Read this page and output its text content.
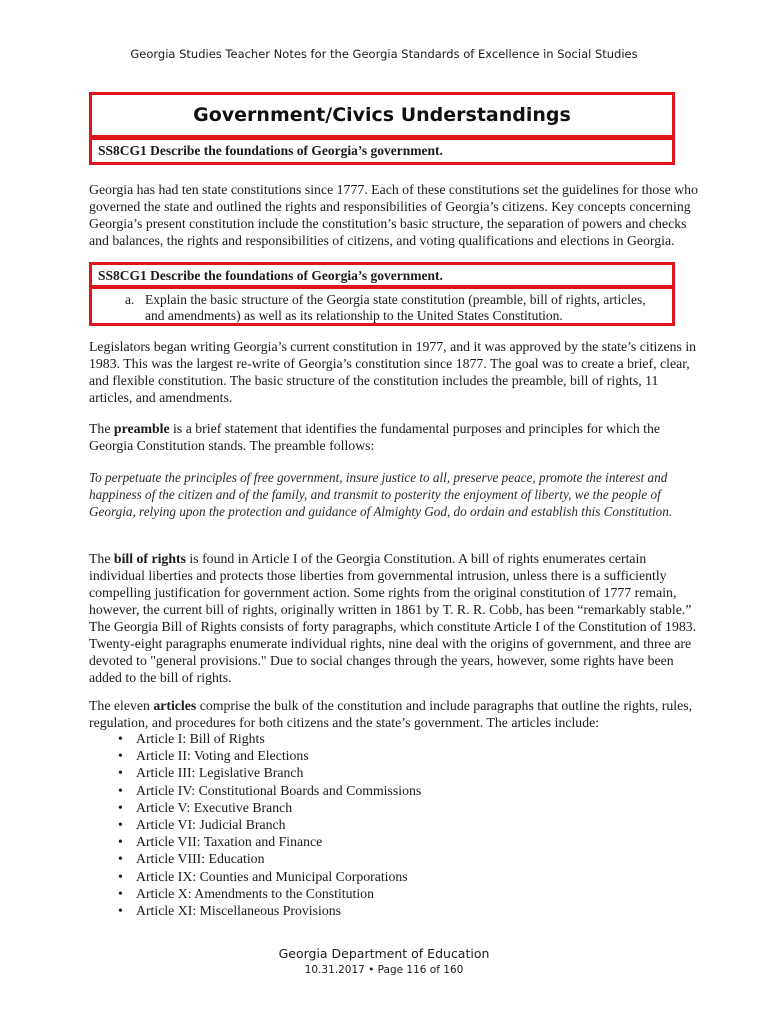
Georgia Studies Teacher Notes for the Georgia Standards of Excellence in Social Studies
Government/Civics Understandings
SS8CG1 Describe the foundations of Georgia’s government.

Georgia has had ten state constitutions since 1777. Each of these constitutions set the guidelines for those who governed the state and outlined the rights and responsibilities of Georgia’s citizens. Key concepts concerning Georgia’s present constitution include the constitution’s basic structure, the separation of powers and checks and balances, the rights and responsibilities of citizens, and voting qualifications and elections in Georgia.

SS8CG1 Describe the foundations of Georgia’s government.
a. Explain the basic structure of the Georgia state constitution (preamble, bill of rights, articles, and amendments) as well as its relationship to the United States Constitution.

Legislators began writing Georgia’s current constitution in 1977, and it was approved by the state’s citizens in 1983. This was the largest re-write of Georgia’s constitution since 1877. The goal was to create a brief, clear, and flexible constitution. The basic structure of the constitution includes the preamble, bill of rights, 11 articles, and amendments.

The preamble is a brief statement that identifies the fundamental purposes and principles for which the Georgia Constitution stands. The preamble follows:

To perpetuate the principles of free government, insure justice to all, preserve peace, promote the interest and happiness of the citizen and of the family, and transmit to posterity the enjoyment of liberty, we the people of Georgia, relying upon the protection and guidance of Almighty God, do ordain and establish this Constitution.

The bill of rights is found in Article I of the Georgia Constitution. A bill of rights enumerates certain individual liberties and protects those liberties from governmental intrusion, unless there is a sufficiently compelling justification for government action. Some rights from the original constitution of 1777 remain, however, the current bill of rights, originally written in 1861 by T. R. R. Cobb, has been “remarkably stable.” The Georgia Bill of Rights consists of forty paragraphs, which constitute Article I of the Constitution of 1983. Twenty-eight paragraphs enumerate individual rights, nine deal with the origins of government, and three are devoted to "general provisions." Due to social changes through the years, however, some rights have been added to the bill of rights.

The eleven articles comprise the bulk of the constitution and include paragraphs that outline the rights, rules, regulation, and procedures for both citizens and the state’s government. The articles include:

• Article I: Bill of Rights
• Article II: Voting and Elections
• Article III: Legislative Branch
• Article IV: Constitutional Boards and Commissions
• Article V: Executive Branch
• Article VI: Judicial Branch
• Article VII: Taxation and Finance
• Article VIII: Education
• Article IX: Counties and Municipal Corporations
• Article X: Amendments to the Constitution
• Article XI: Miscellaneous Provisions
Georgia Department of Education
10.31.2017 • Page 116 of 160
